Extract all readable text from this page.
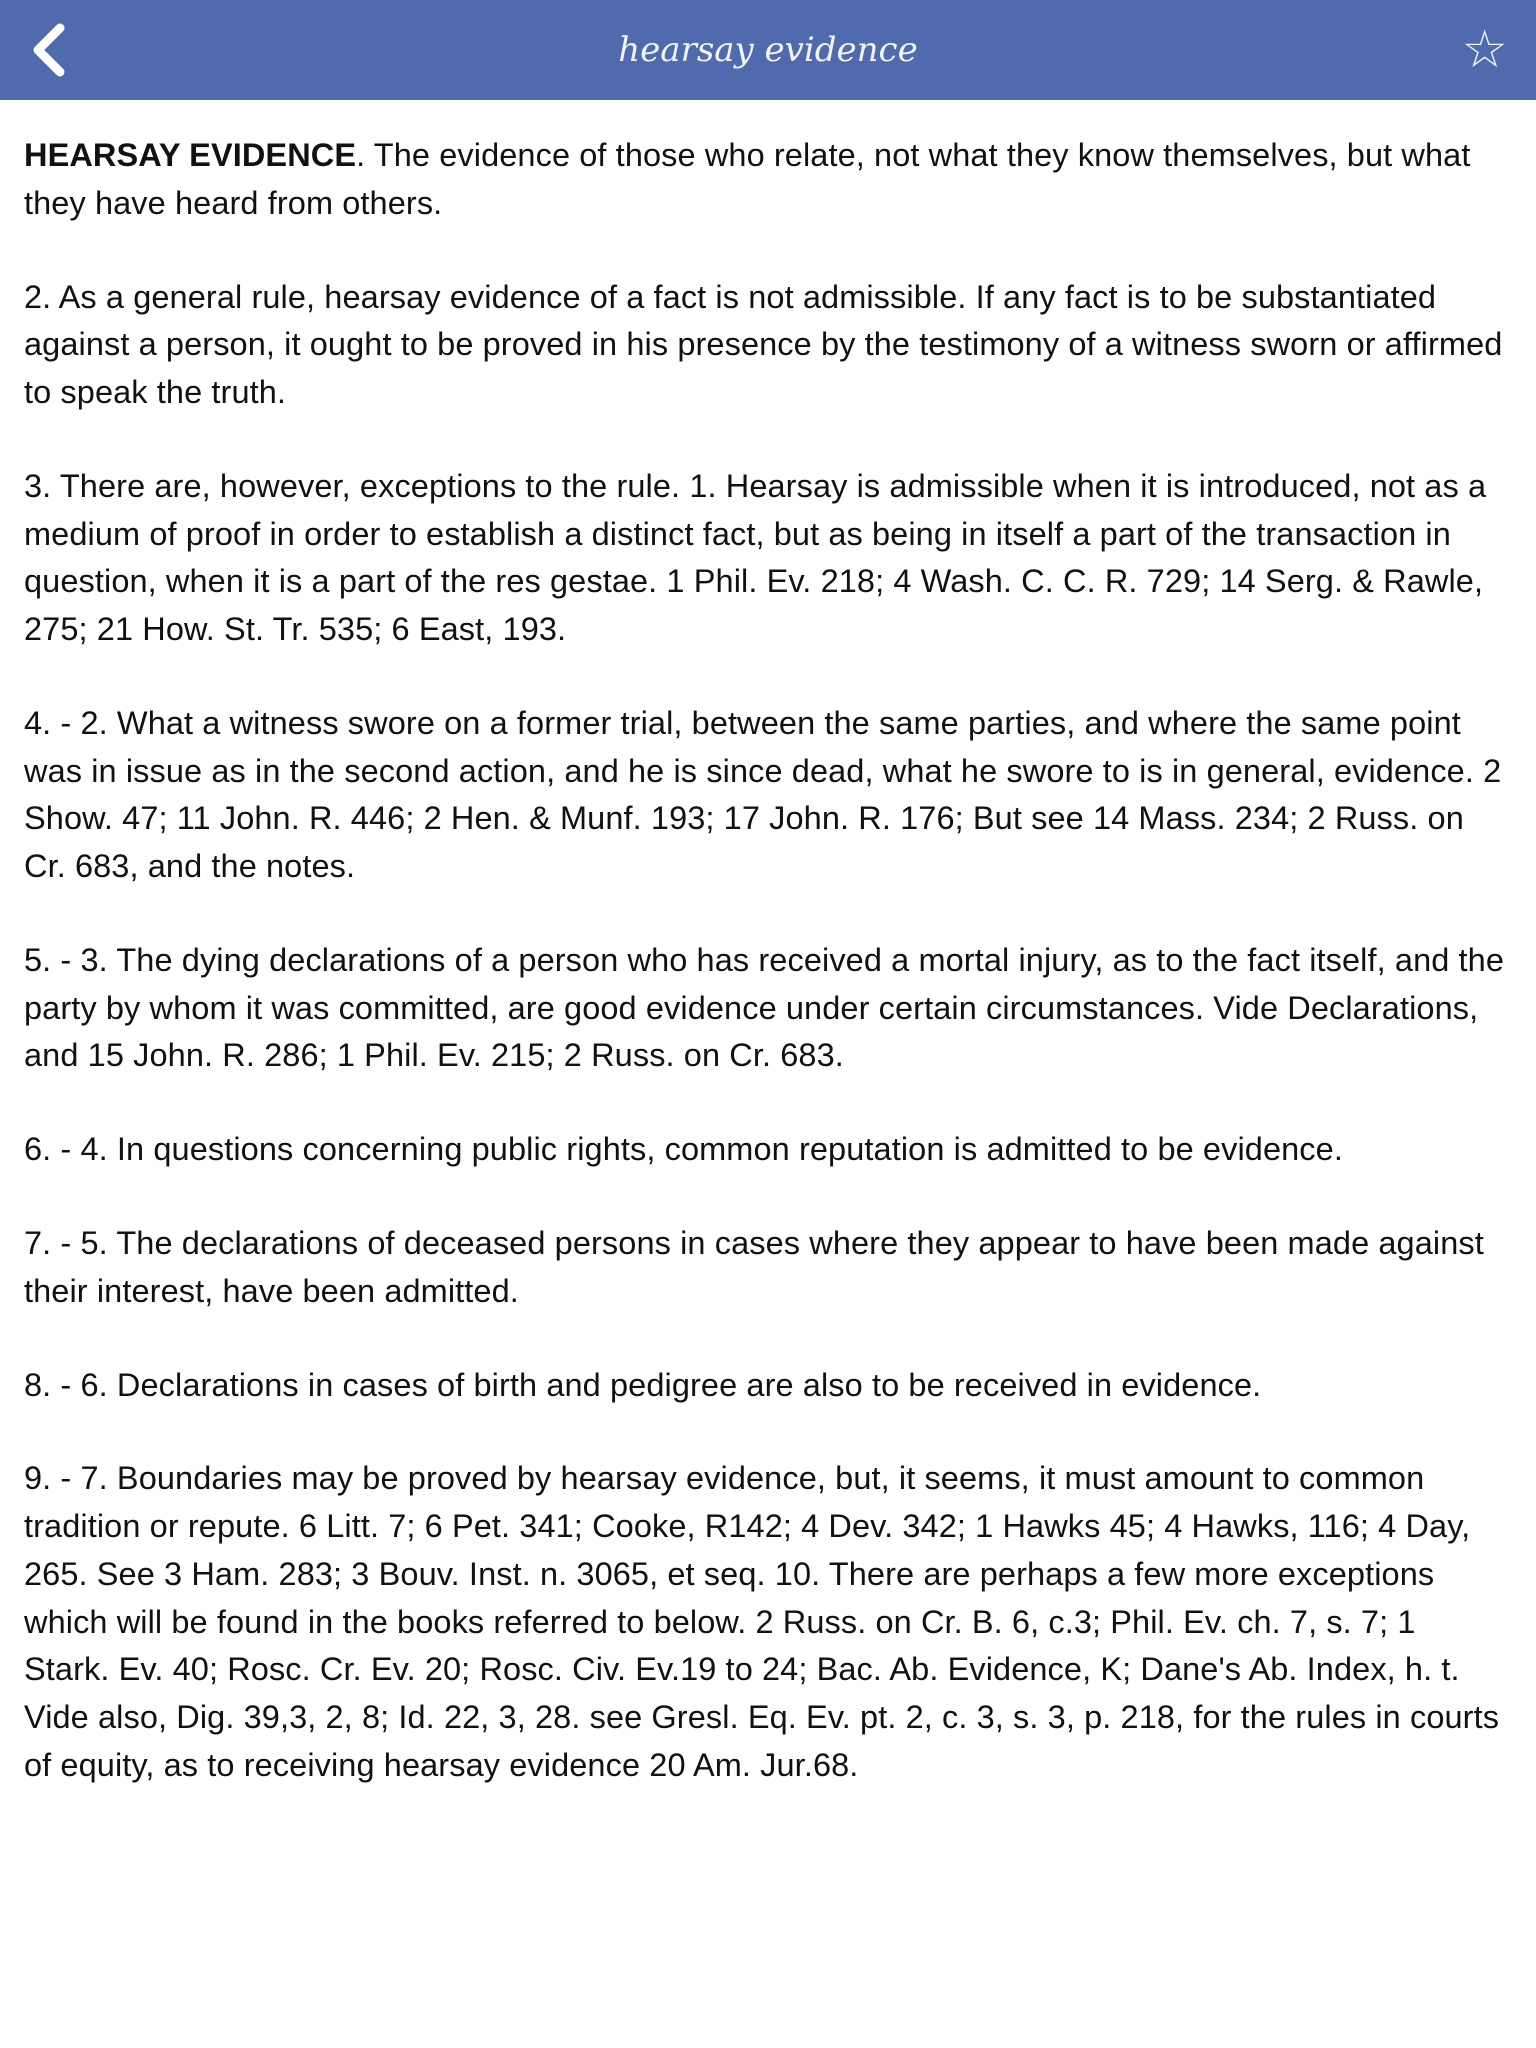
hearsay evidence	☆

HEARSAY EVIDENCE. The evidence of those who relate, not what they know themselves, but what they have heard from others.

2. As a general rule, hearsay evidence of a fact is not admissible. If any fact is to be substantiated against a person, it ought to be proved in his presence by the testimony of a witness sworn or affirmed to speak the truth.

3. There are, however, exceptions to the rule. 1. Hearsay is admissible when it is introduced, not as a medium of proof in order to establish a distinct fact, but as being in itself a part of the transaction in question, when it is a part of the res gestae. 1 Phil. Ev. 218; 4 Wash. C. C. R. 729; 14 Serg. & Rawle, 275; 21 How. St. Tr. 535; 6 East, 193.

4. - 2. What a witness swore on a former trial, between the same parties, and where the same point was in issue as in the second action, and he is since dead, what he swore to is in general, evidence. 2 Show. 47; 11 John. R. 446; 2 Hen. & Munf. 193; 17 John. R. 176; But see 14 Mass. 234; 2 Russ. on Cr. 683, and the notes.

5. - 3. The dying declarations of a person who has received a mortal injury, as to the fact itself, and the party by whom it was committed, are good evidence under certain circumstances. Vide Declarations, and 15 John. R. 286; 1 Phil. Ev. 215; 2 Russ. on Cr. 683.

6. - 4. In questions concerning public rights, common reputation is admitted to be evidence.

7. - 5. The declarations of deceased persons in cases where they appear to have been made against their interest, have been admitted.

8. - 6. Declarations in cases of birth and pedigree are also to be received in evidence.

9. - 7. Boundaries may be proved by hearsay evidence, but, it seems, it must amount to common tradition or repute. 6 Litt. 7; 6 Pet. 341; Cooke, R142; 4 Dev. 342; 1 Hawks 45; 4 Hawks, 116; 4 Day, 265. See 3 Ham. 283; 3 Bouv. Inst. n. 3065, et seq. 10. There are perhaps a few more exceptions which will be found in the books referred to below. 2 Russ. on Cr. B. 6, c.3; Phil. Ev. ch. 7, s. 7; 1 Stark. Ev. 40; Rosc. Cr. Ev. 20; Rosc. Civ. Ev.19 to 24; Bac. Ab. Evidence, K; Dane's Ab. Index, h. t. Vide also, Dig. 39,3, 2, 8; Id. 22, 3, 28. see Gresl. Eq. Ev. pt. 2, c. 3, s. 3, p. 218, for the rules in courts of equity, as to receiving hearsay evidence 20 Am. Jur.68.
